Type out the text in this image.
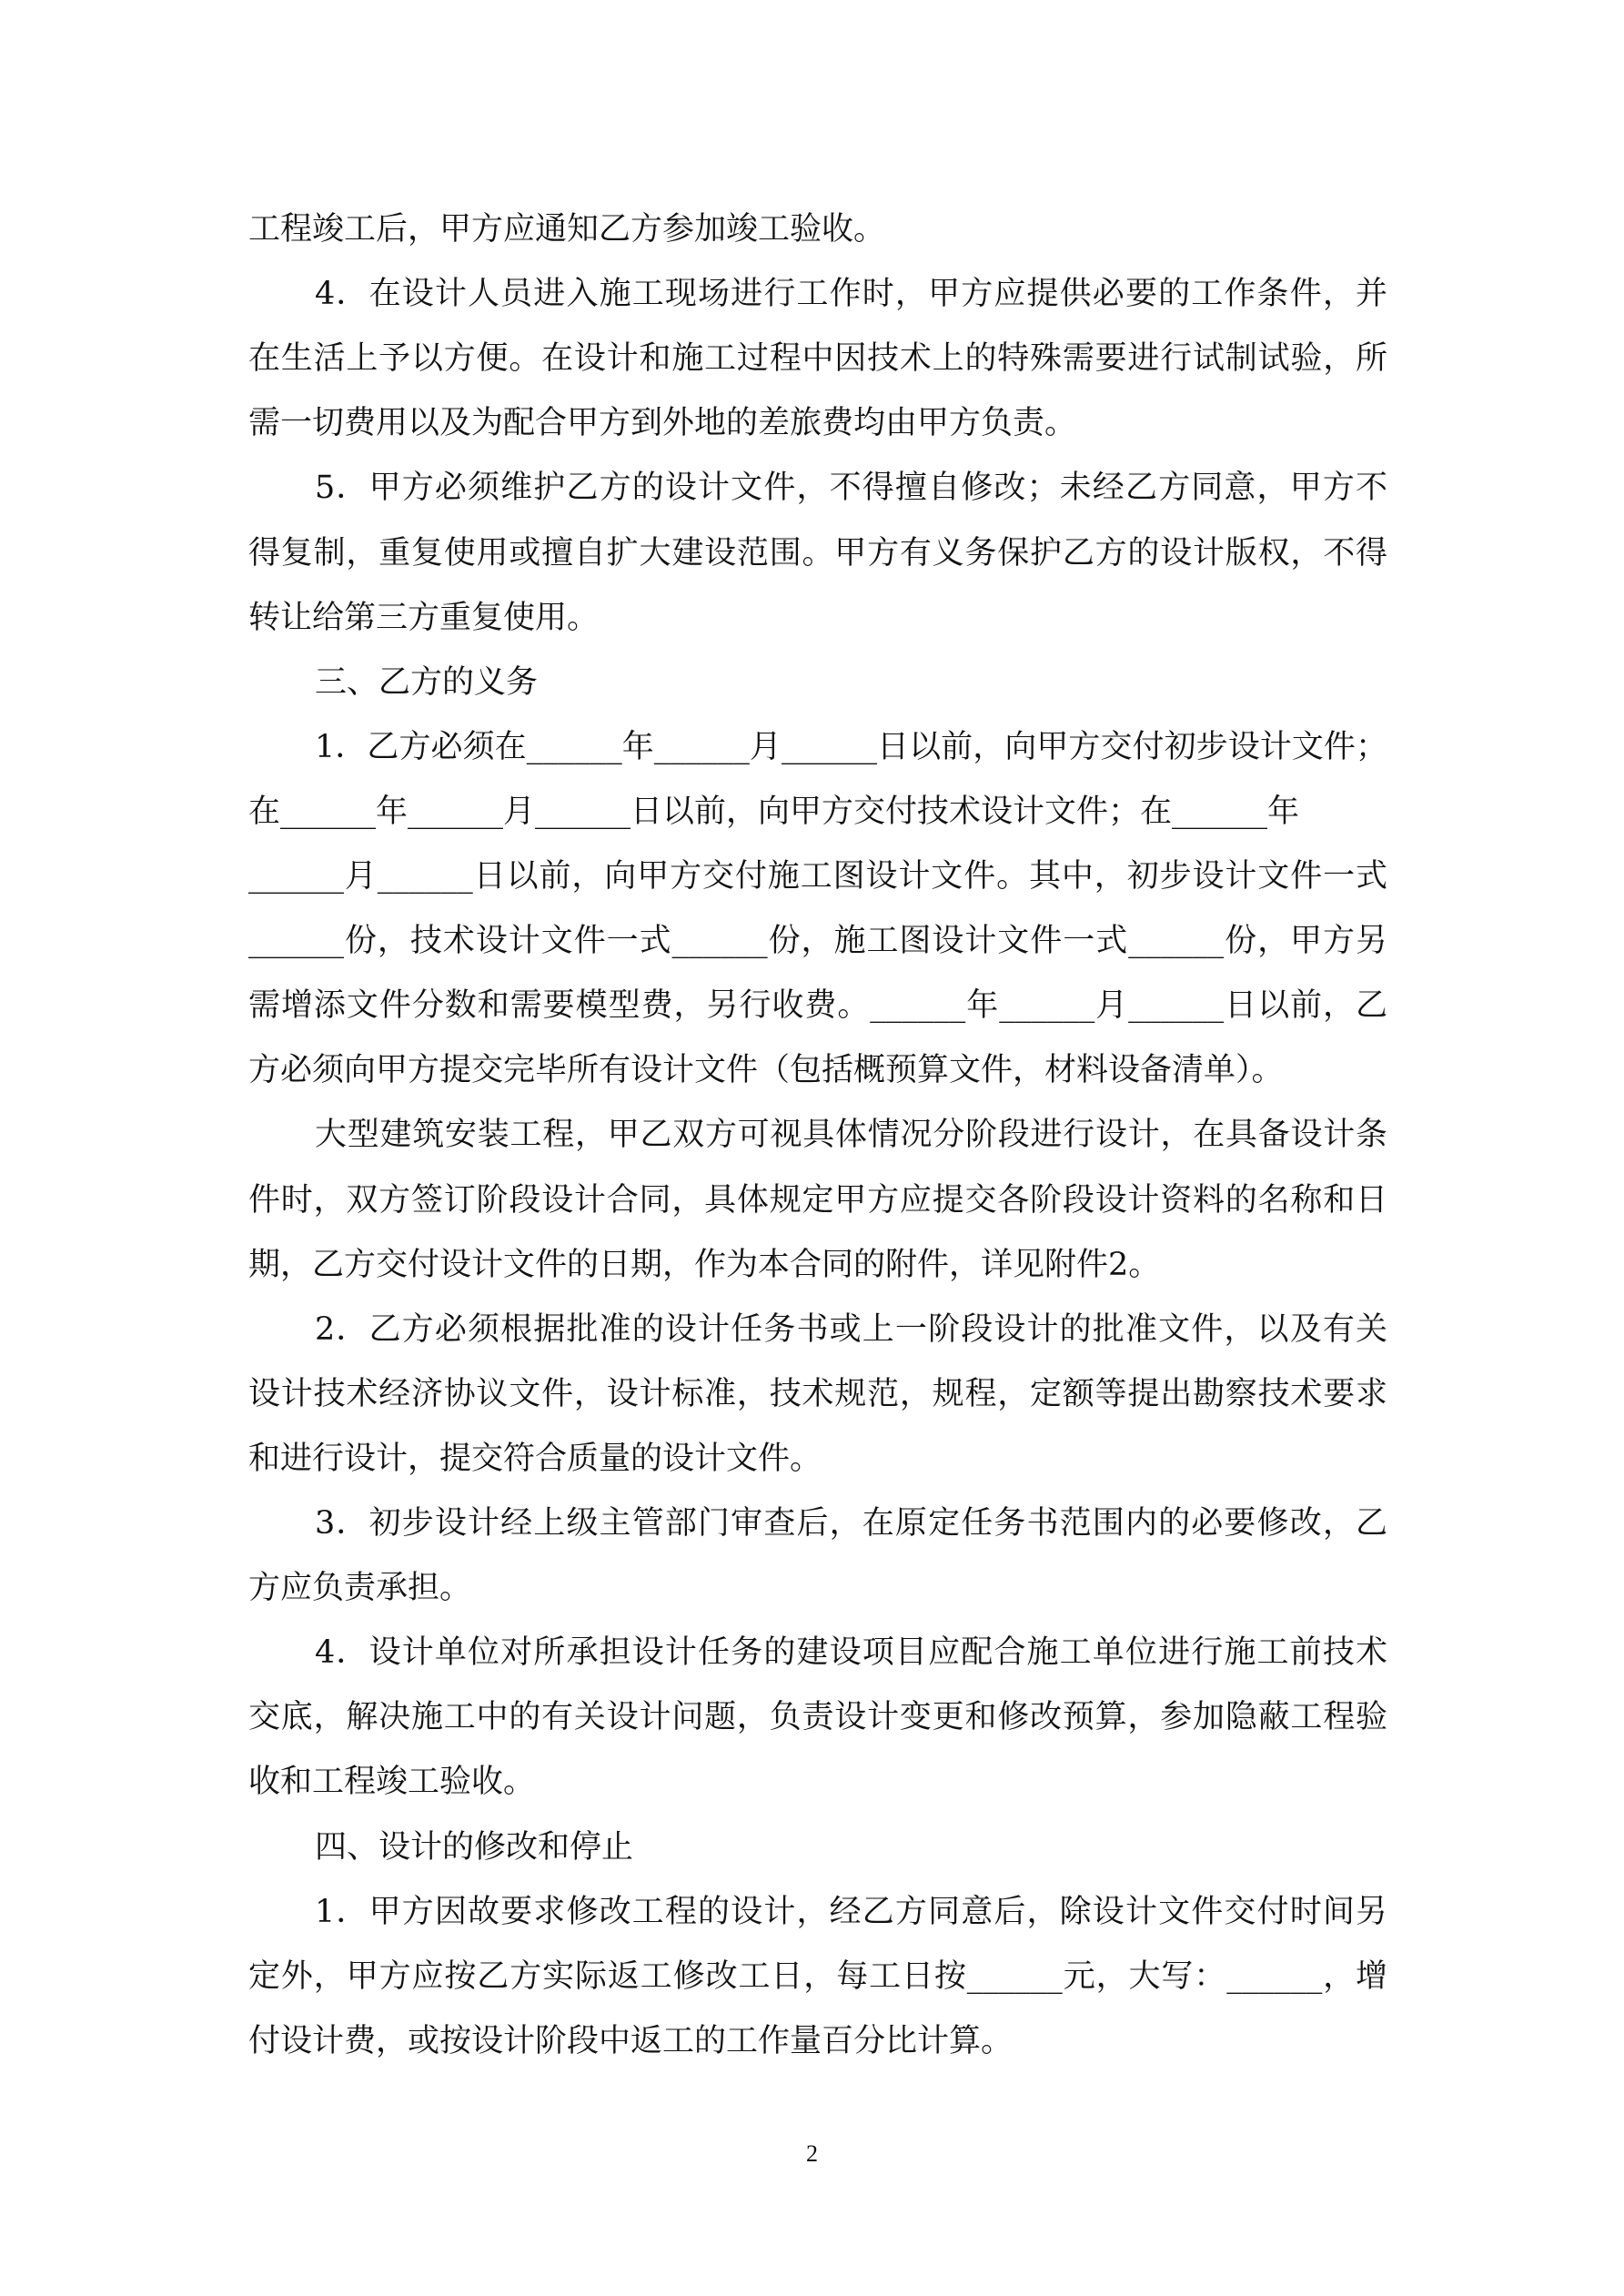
工程竣工后，甲方应通知乙方参加竣工验收。
4．在设计人员进入施工现场进行工作时，甲方应提供必要的工作条件，并
在生活上予以方便。在设计和施工过程中因技术上的特殊需要进行试制试验，所
需一切费用以及为配合甲方到外地的差旅费均由甲方负责。
5．甲方必须维护乙方的设计文件，不得擅自修改；未经乙方同意，甲方不
得复制，重复使用或擅自扩大建设范围。甲方有义务保护乙方的设计版权，不得
转让给第三方重复使用。
三、乙方的义务
1．乙方必须在______年______月______日以前，向甲方交付初步设计文件；
在______年______月______日以前，向甲方交付技术设计文件；在______年
______月______日以前，向甲方交付施工图设计文件。其中，初步设计文件一式
______份，技术设计文件一式______份，施工图设计文件一式______份，甲方另
需增添文件分数和需要模型费，另行收费。______年______月______日以前，乙
方必须向甲方提交完毕所有设计文件（包括概预算文件，材料设备清单）。
大型建筑安装工程，甲乙双方可视具体情况分阶段进行设计，在具备设计条
件时，双方签订阶段设计合同，具体规定甲方应提交各阶段设计资料的名称和日
期，乙方交付设计文件的日期，作为本合同的附件，详见附件2。
2．乙方必须根据批准的设计任务书或上一阶段设计的批准文件，以及有关
设计技术经济协议文件，设计标准，技术规范，规程，定额等提出勘察技术要求
和进行设计，提交符合质量的设计文件。
3．初步设计经上级主管部门审查后，在原定任务书范围内的必要修改，乙
方应负责承担。
4．设计单位对所承担设计任务的建设项目应配合施工单位进行施工前技术
交底，解决施工中的有关设计问题，负责设计变更和修改预算，参加隐蔽工程验
收和工程竣工验收。
四、设计的修改和停止
1．甲方因故要求修改工程的设计，经乙方同意后，除设计文件交付时间另
定外，甲方应按乙方实际返工修改工日，每工日按______元，大写：______，增
付设计费，或按设计阶段中返工的工作量百分比计算。
2
